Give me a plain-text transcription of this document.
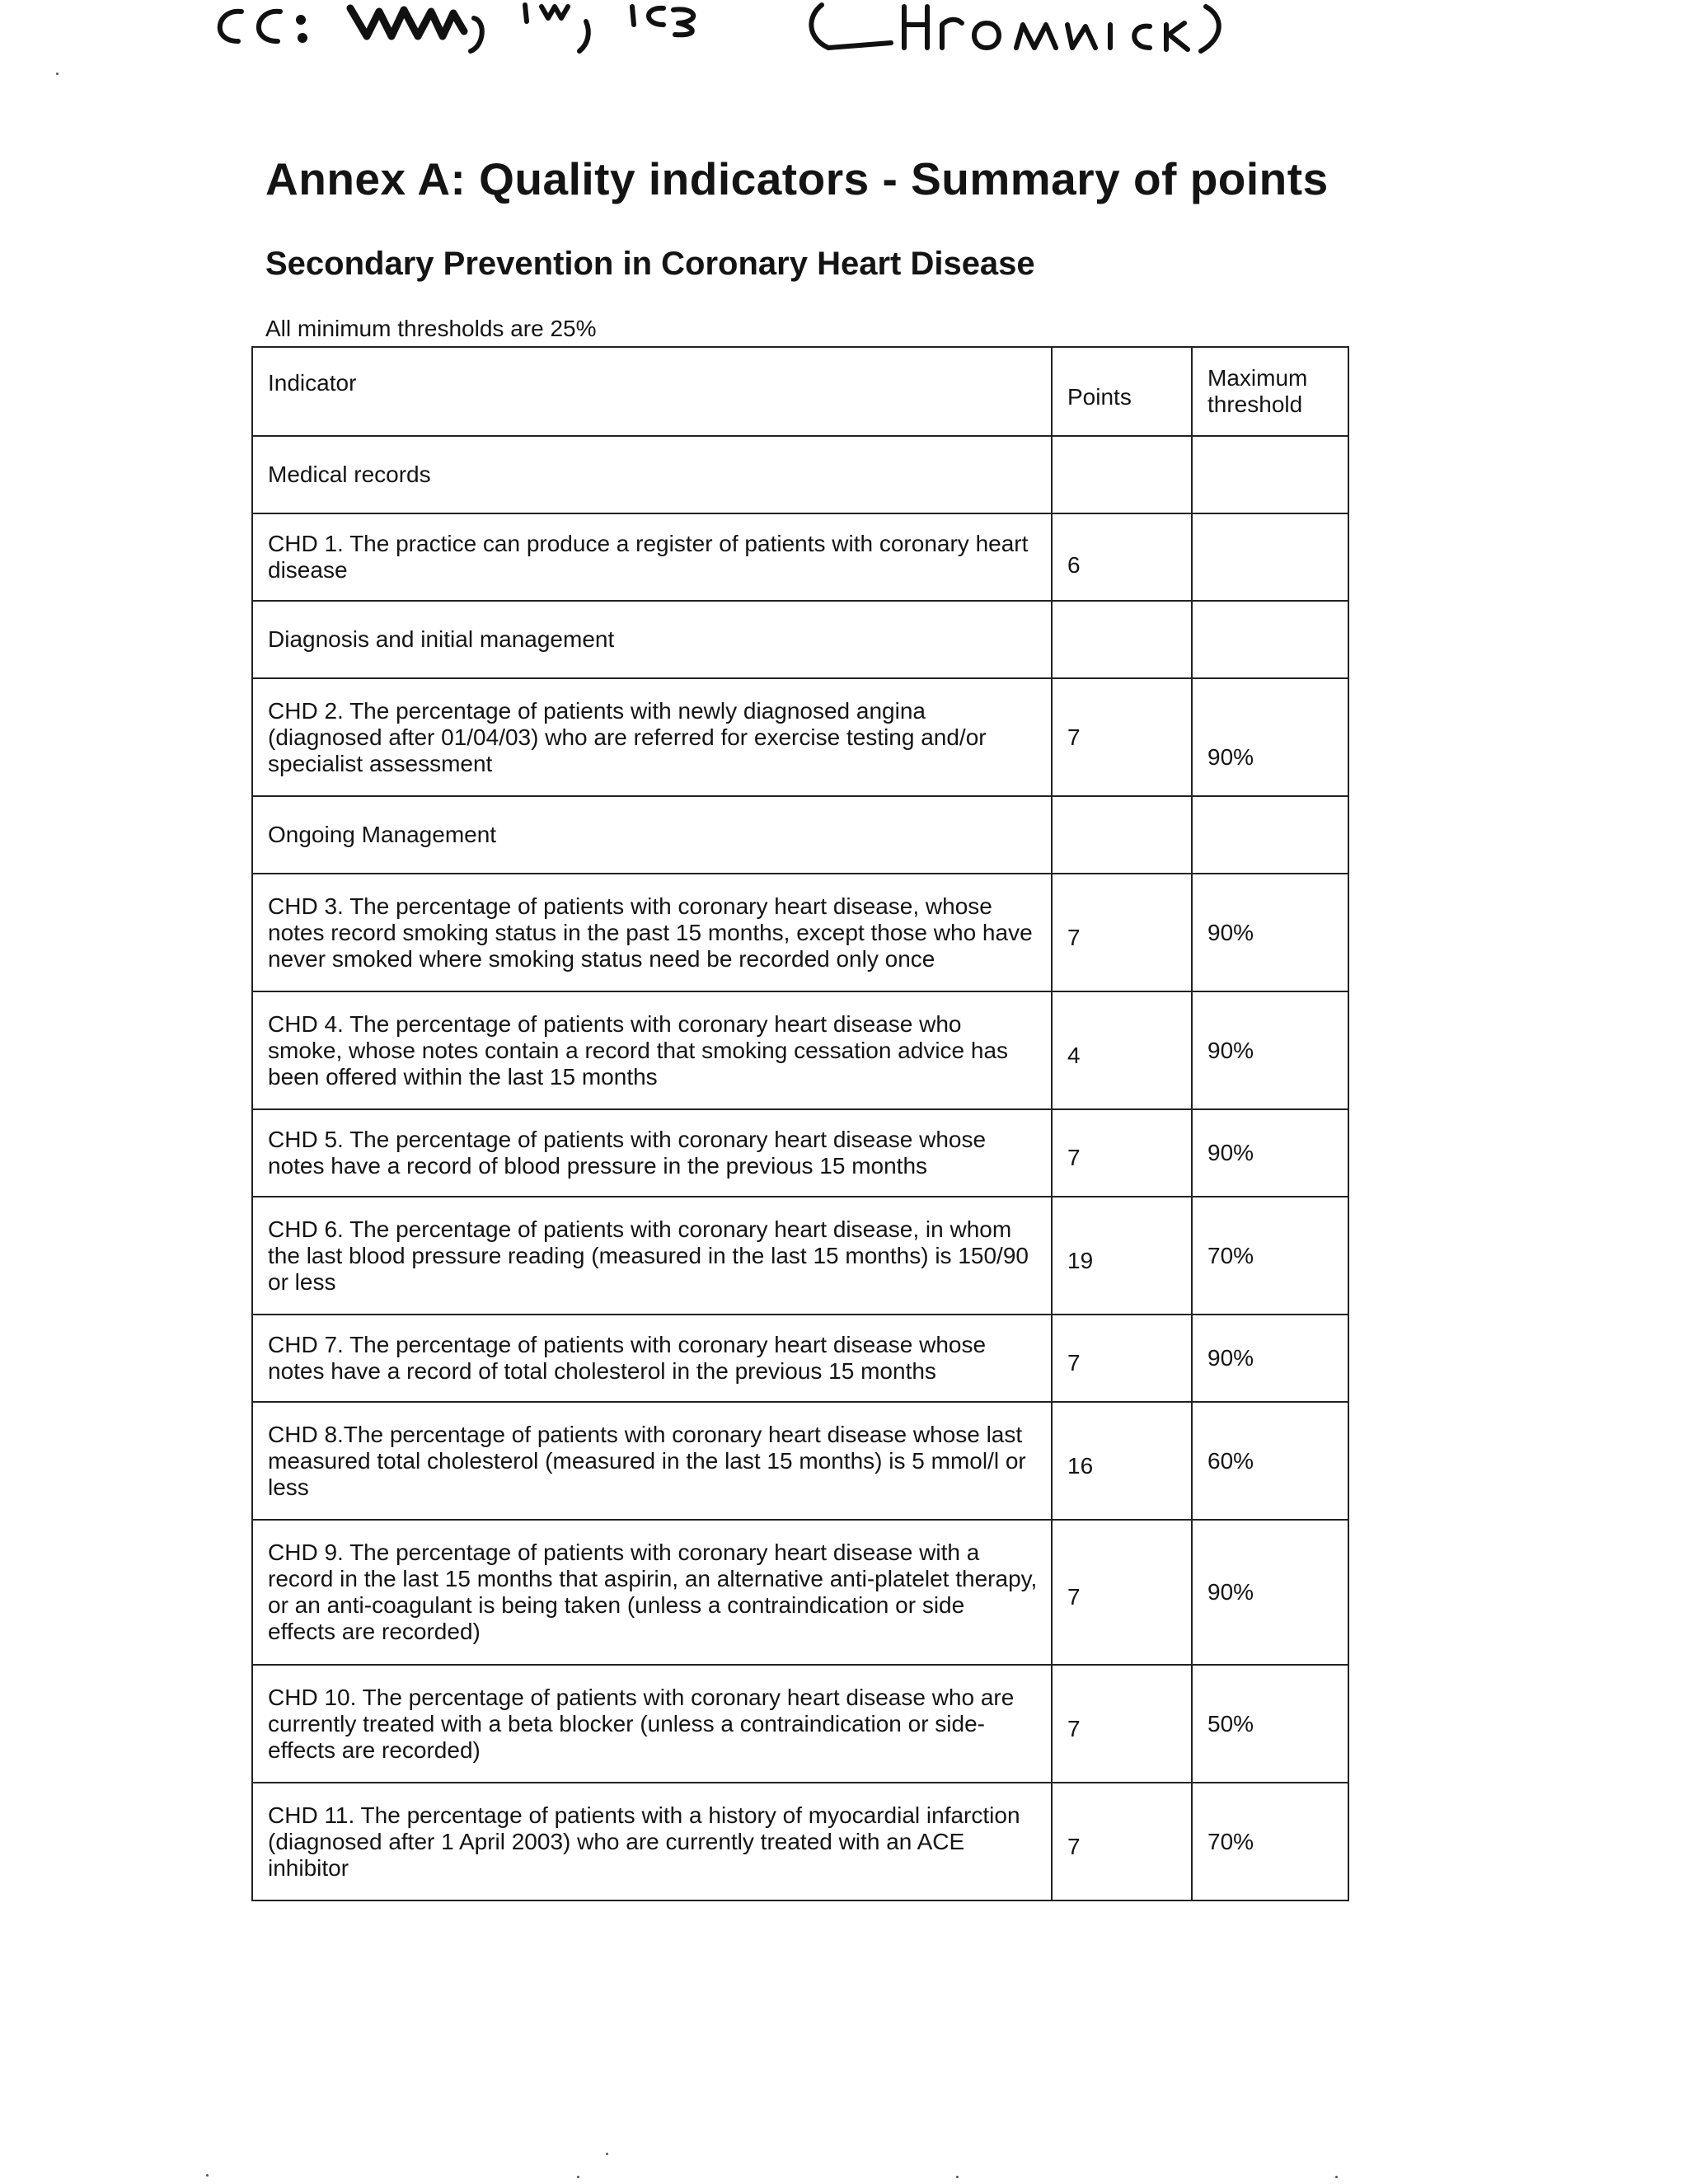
Annex A: Quality indicators - Summary of points
Secondary Prevention in Coronary Heart Disease
All minimum thresholds are 25%
Indicator	Points	Maximum threshold
Medical records		
CHD 1. The practice can produce a register of patients with coronary heart disease	6	
Diagnosis and initial management		
CHD 2. The percentage of patients with newly diagnosed angina (diagnosed after 01/04/03) who are referred for exercise testing and/or specialist assessment	7	90%
Ongoing Management		
CHD 3. The percentage of patients with coronary heart disease, whose notes record smoking status in the past 15 months, except those who have never smoked where smoking status need be recorded only once	7	90%
CHD 4. The percentage of patients with coronary heart disease who smoke, whose notes contain a record that smoking cessation advice has been offered within the last 15 months	4	90%
CHD 5. The percentage of patients with coronary heart disease whose notes have a record of blood pressure in the previous 15 months	7	90%
CHD 6. The percentage of patients with coronary heart disease, in whom the last blood pressure reading (measured in the last 15 months) is 150/90 or less	19	70%
CHD 7. The percentage of patients with coronary heart disease whose notes have a record of total cholesterol in the previous 15 months	7	90%
CHD 8.The percentage of patients with coronary heart disease whose last measured total cholesterol (measured in the last 15 months) is 5 mmol/l or less	16	60%
CHD 9. The percentage of patients with coronary heart disease with a record in the last 15 months that aspirin, an alternative anti-platelet therapy, or an anti-coagulant is being taken (unless a contraindication or side effects are recorded)	7	90%
CHD 10. The percentage of patients with coronary heart disease who are currently treated with a beta blocker (unless a contraindication or side-effects are recorded)	7	50%
CHD 11. The percentage of patients with a history of myocardial infarction (diagnosed after 1 April 2003) who are currently treated with an ACE inhibitor	7	70%
